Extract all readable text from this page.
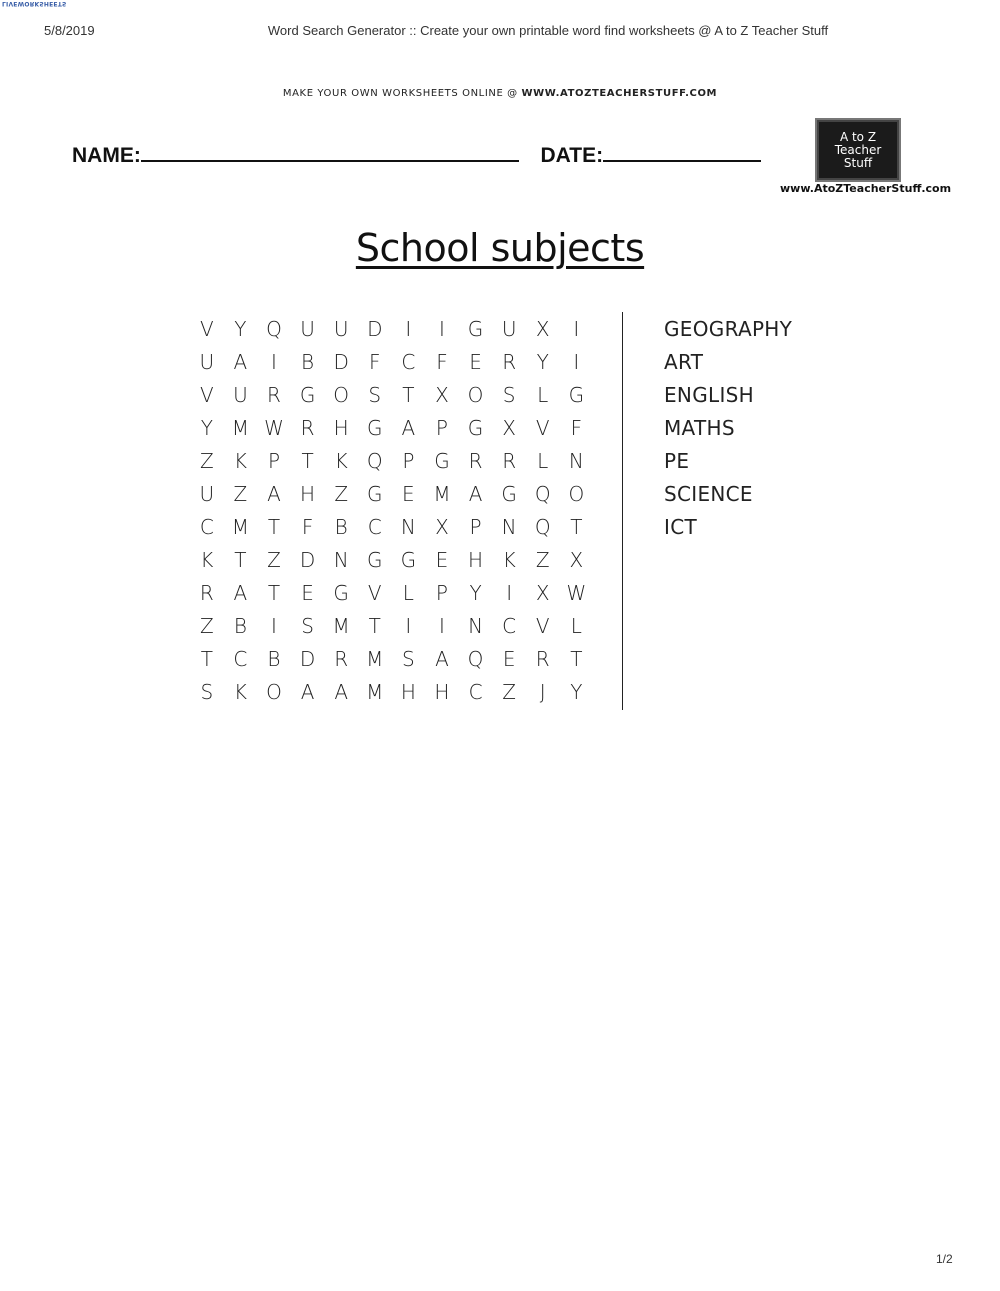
LIVEWORKSHEETS
5/8/2019	Word Search Generator :: Create your own printable word find worksheets @ A to Z Teacher Stuff
MAKE YOUR OWN WORKSHEETS ONLINE @ WWW.ATOZTEACHERSTUFF.COM
NAME:	DATE:
A to Z
Teacher
Stuff
www.AtoZTeacherStuff.com
School subjects
V	Y Q U U D	I	I	G U X	I
U A	I	B D	F	C	F	E	R	Y	I
V U R G O S	T	X O S	L	G
Y M W R H G A	P G X V	F
Z	K	P	T	K Q P G R R	L	N
U Z A H Z G E M A G Q O
C M T	F	B	C N X	P	N Q T
K	T	Z D N G G E H K	Z X
R A	T	E G V	L	P	Y	I	X W
Z	B	I	S M T	I	I	N C V	L
T	C	B D R M S	A Q E	R	T
S	K O A A M H H C Z	J	Y
GEOGRAPHY
ART
ENGLISH
MATHS
PE
SCIENCE
ICT
1/2
